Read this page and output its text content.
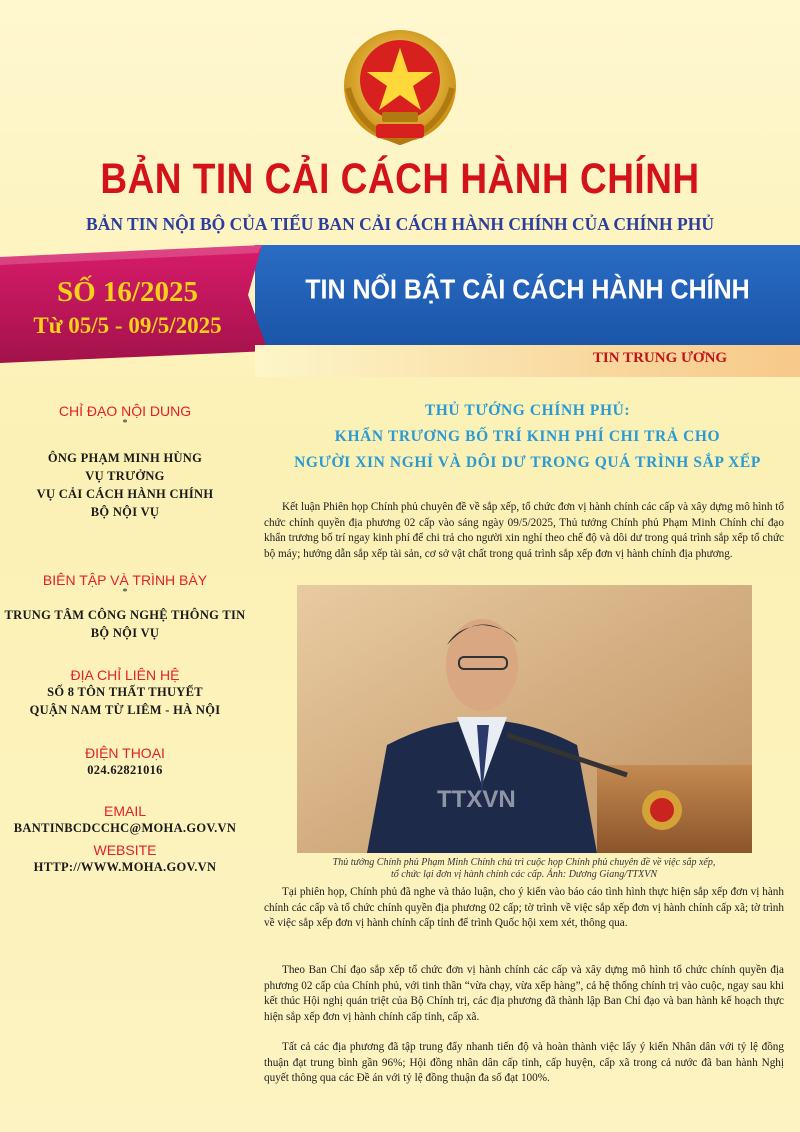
BẢN TIN CẢI CÁCH HÀNH CHÍNH
BẢN TIN NỘI BỘ CỦA TIỂU BAN CẢI CÁCH HÀNH CHÍNH CỦA CHÍNH PHỦ
TIN NỔI BẬT CẢI CÁCH HÀNH CHÍNH
SỐ 16/2025
Từ 05/5 - 09/5/2025
TIN TRUNG ƯƠNG
CHỈ ĐẠO NỘI DUNG
*
ÔNG PHẠM MINH HÙNG
VỤ TRƯỞNG
VỤ CẢI CÁCH HÀNH CHÍNH
BỘ NỘI VỤ
BIÊN TẬP VÀ TRÌNH BÀY
*
TRUNG TÂM CÔNG NGHỆ THÔNG TIN
BỘ NỘI VỤ
ĐỊA CHỈ LIÊN HỆ
SỐ 8 TÔN THẤT THUYẾT
QUẬN NAM TỪ LIÊM - HÀ NỘI
ĐIỆN THOẠI
024.62821016
EMAIL
BANTINBCDCCHC@MOHA.GOV.VN
WEBSITE
HTTP://WWW.MOHA.GOV.VN
THỦ TƯỚNG CHÍNH PHỦ:
KHẨN TRƯƠNG BỐ TRÍ KINH PHÍ CHI TRẢ CHO
NGƯỜI XIN NGHỈ VÀ DÔI DƯ TRONG QUÁ TRÌNH SẮP XẾP
Kết luận Phiên họp Chính phủ chuyên đề về sắp xếp, tổ chức đơn vị hành chính các cấp và xây dựng mô hình tổ chức chính quyền địa phương 02 cấp vào sáng ngày 09/5/2025, Thủ tướng Chính phủ Phạm Minh Chính chỉ đạo khẩn trương bố trí ngay kinh phí để chi trả cho người xin nghỉ theo chế độ và dôi dư trong quá trình sắp xếp tổ chức bộ máy; hướng dẫn sắp xếp tài sản, cơ sở vật chất trong quá trình sắp xếp đơn vị hành chính địa phương.
TTXVN
Thủ tướng Chính phủ Phạm Minh Chính chủ trì cuộc họp Chính phủ chuyên đề về việc sắp xếp,
tổ chức lại đơn vị hành chính các cấp. Ảnh: Dương Giang/TTXVN
Tại phiên họp, Chính phủ đã nghe và thảo luận, cho ý kiến vào báo cáo tình hình thực hiện sắp xếp đơn vị hành chính các cấp và tổ chức chính quyền địa phương 02 cấp; tờ trình về việc sắp xếp đơn vị hành chính cấp xã; tờ trình về việc sắp xếp đơn vị hành chính cấp tỉnh để trình Quốc hội xem xét, thông qua.
Theo Ban Chỉ đạo sắp xếp tổ chức đơn vị hành chính các cấp và xây dựng mô hình tổ chức chính quyền địa phương 02 cấp của Chính phủ, với tinh thần “vừa chạy, vừa xếp hàng”, cả hệ thống chính trị vào cuộc, ngay sau khi kết thúc Hội nghị quán triệt của Bộ Chính trị, các địa phương đã thành lập Ban Chỉ đạo và ban hành kế hoạch thực hiện sắp xếp đơn vị hành chính cấp tỉnh, cấp xã.
Tất cả các địa phương đã tập trung đẩy nhanh tiến độ và hoàn thành việc lấy ý kiến Nhân dân với tỷ lệ đồng thuận đạt trung bình gần 96%; Hội đồng nhân dân cấp tỉnh, cấp huyện, cấp xã trong cả nước đã ban hành Nghị quyết thông qua các Đề án với tỷ lệ đồng thuận đa số đạt 100%.
